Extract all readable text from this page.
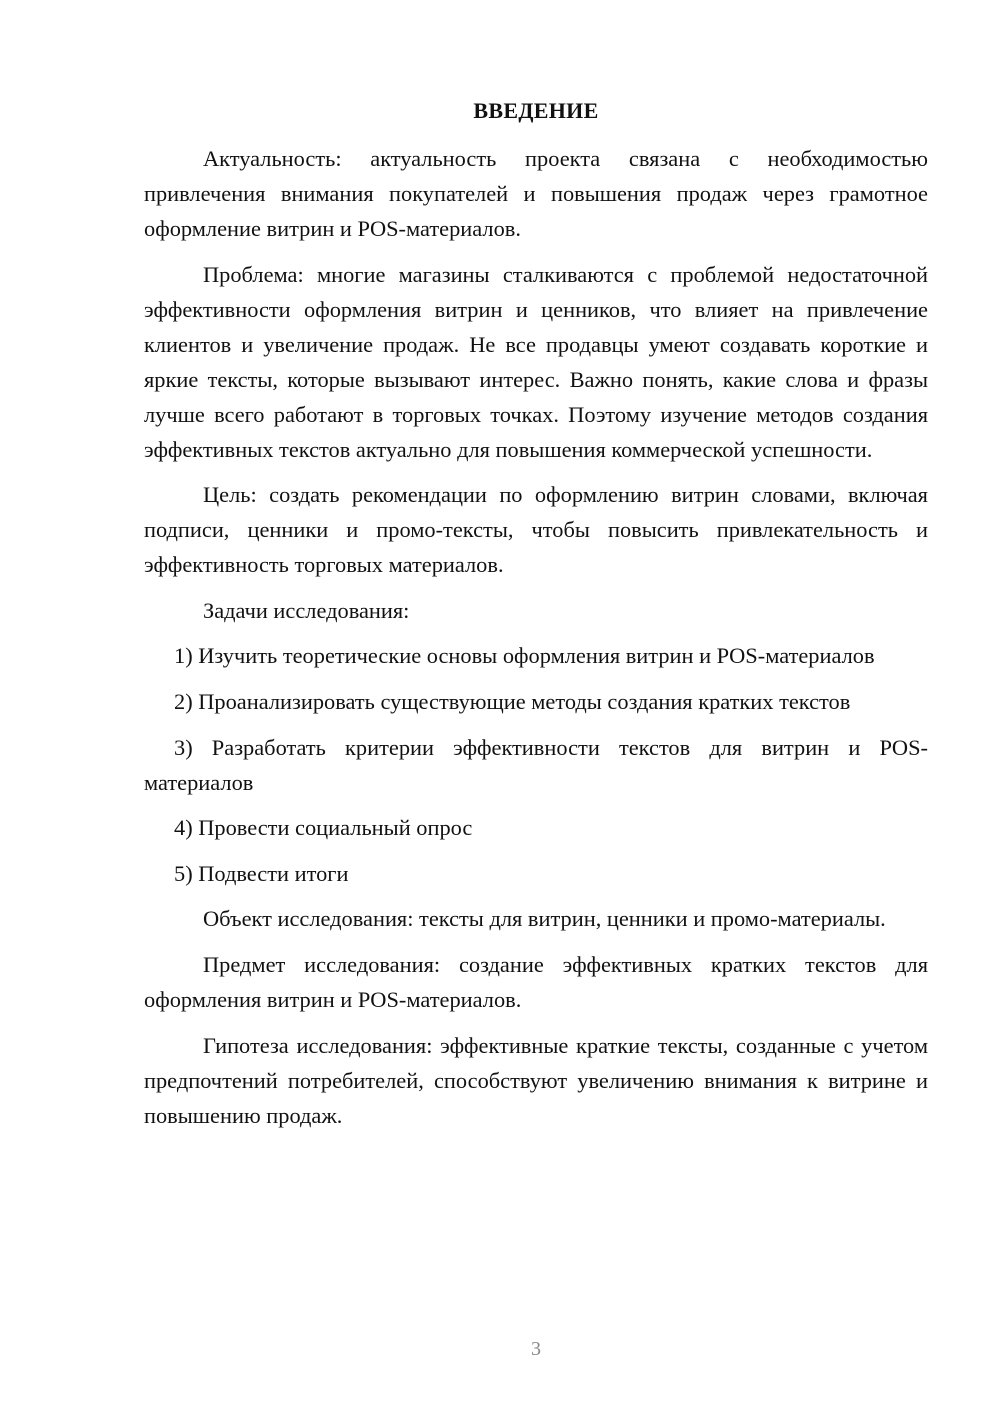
ВВЕДЕНИЕ

Актуальность: актуальность проекта связана с необходимостью привлечения внимания покупателей и повышения продаж через грамотное оформление витрин и POS-материалов.

Проблема: многие магазины сталкиваются с проблемой недостаточной эффективности оформления витрин и ценников, что влияет на привлечение клиентов и увеличение продаж. Не все продавцы умеют создавать короткие и яркие тексты, которые вызывают интерес. Важно понять, какие слова и фразы лучше всего работают в торговых точках. Поэтому изучение методов создания эффективных текстов актуально для повышения коммерческой успешности.

Цель: создать рекомендации по оформлению витрин словами, включая подписи, ценники и промо-тексты, чтобы повысить привлекательность и эффективность торговых материалов.

Задачи исследования:

1) Изучить теоретические основы оформления витрин и POS-материалов

2) Проанализировать существующие методы создания кратких текстов

3) Разработать критерии эффективности текстов для витрин и POS-материалов

4) Провести социальный опрос

5) Подвести итоги

Объект исследования: тексты для витрин, ценники и промо-материалы.

Предмет исследования: создание эффективных кратких текстов для оформления витрин и POS-материалов.

Гипотеза исследования: эффективные краткие тексты, созданные с учетом предпочтений потребителей, способствуют увеличению внимания к витрине и повышению продаж.

3
